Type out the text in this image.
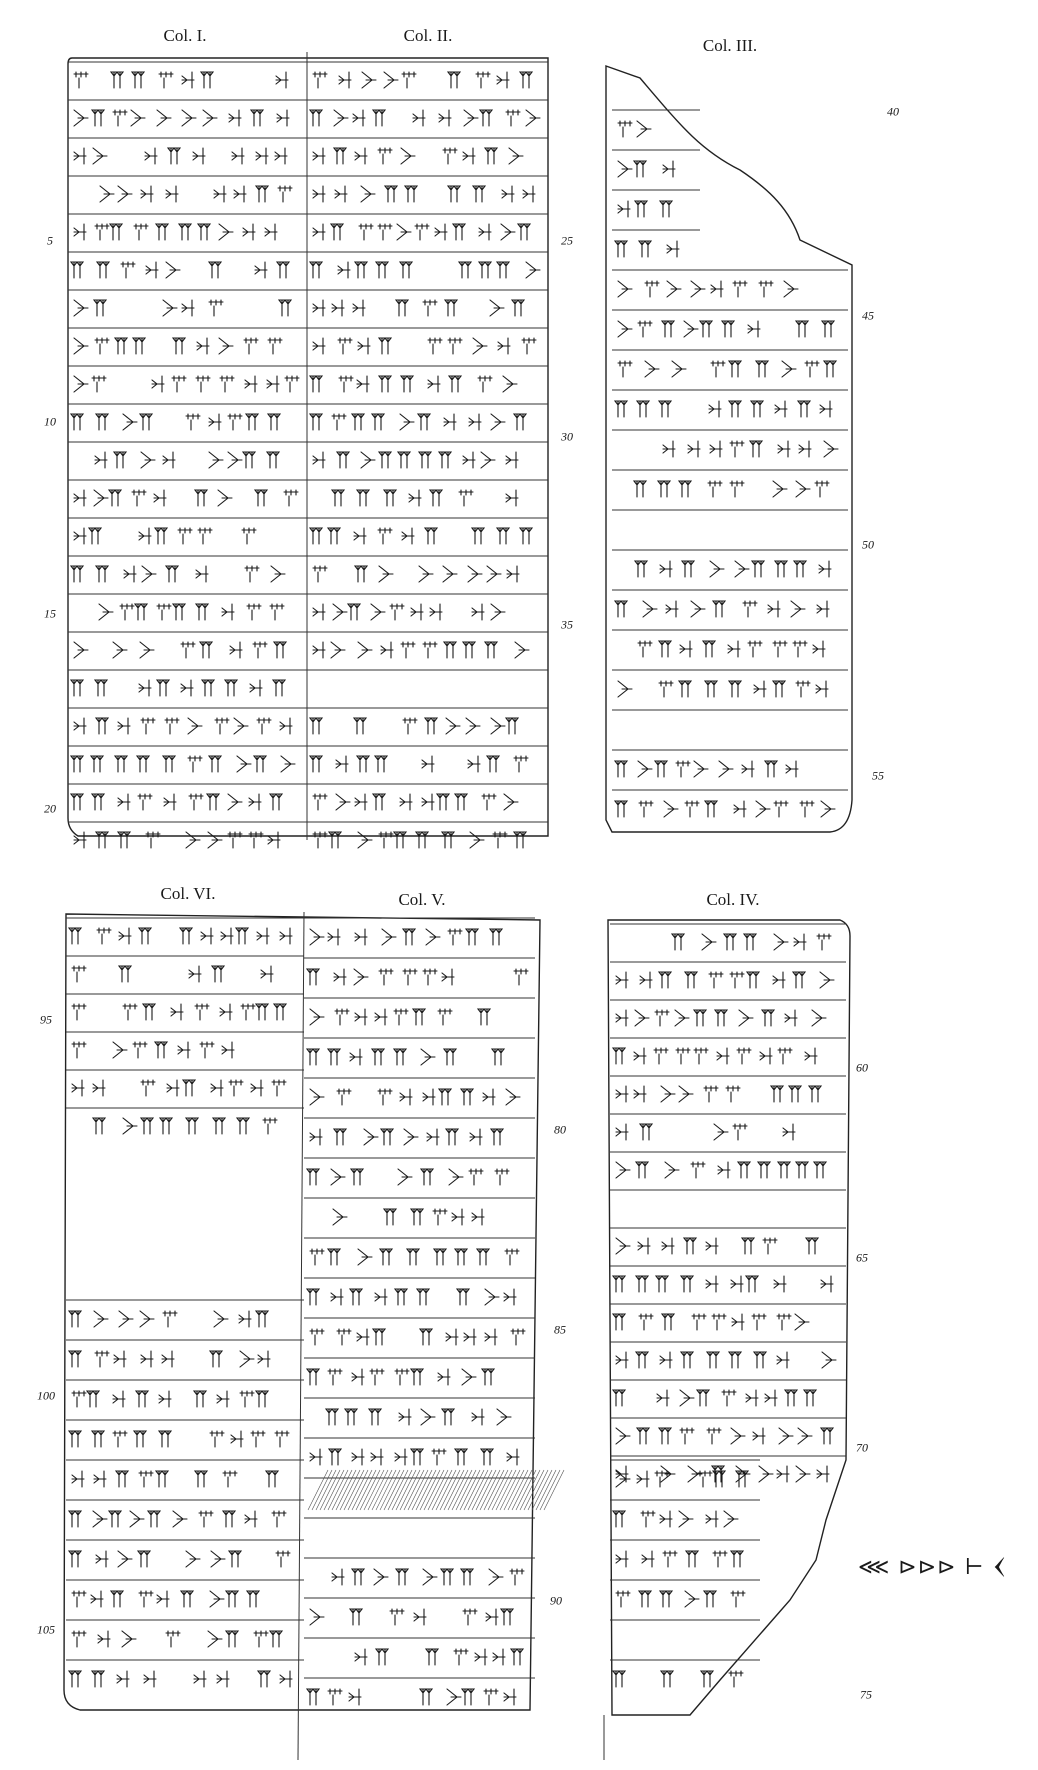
Col. I.	Col. II.
Col. III.
Col. VI.	Col. V.	Col. IV.
5
10
15
20
25
30
35
40
45
50
55
60
65
70
75
80
85
90
95
100
105
⋘ ⊳⊳⊳ ⊢ 𒌋
